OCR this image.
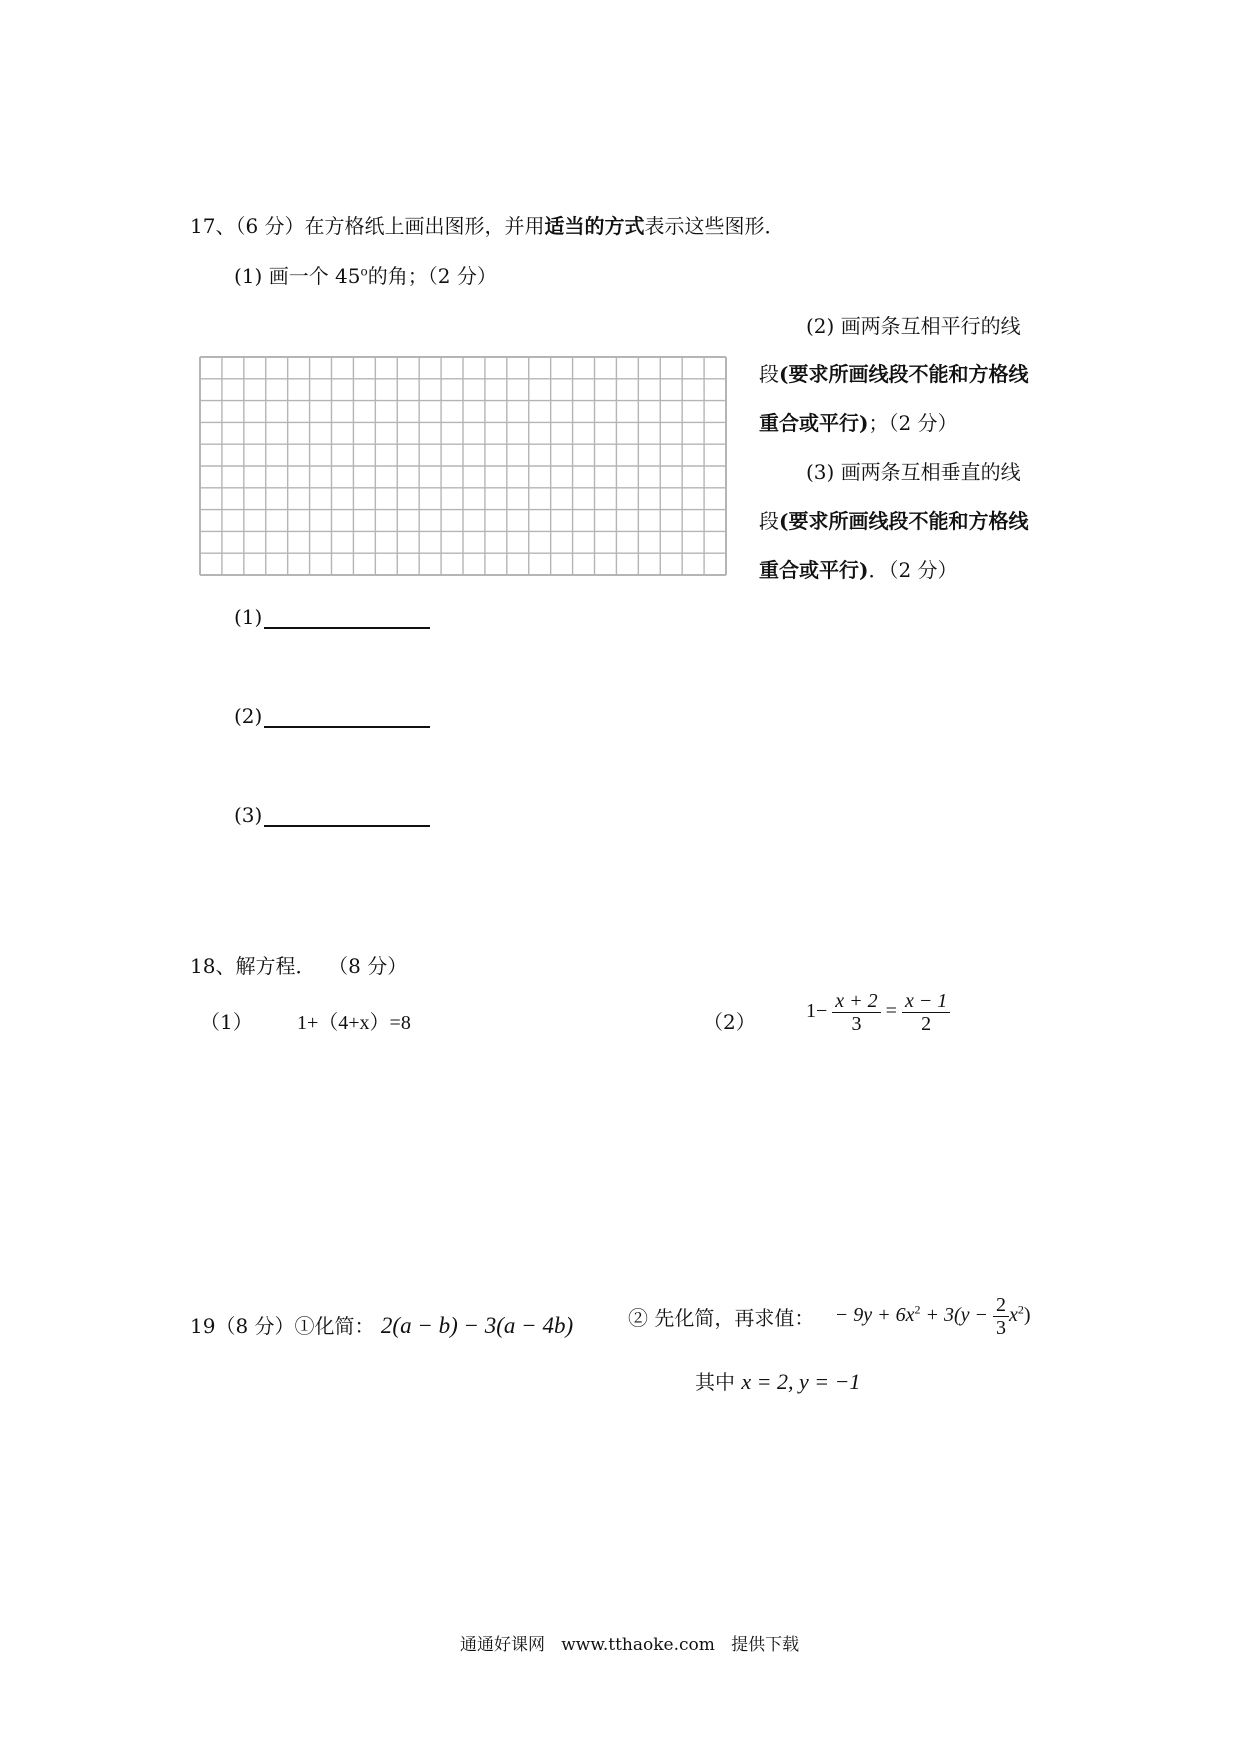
17、（6 分）在方格纸上画出图形，并用适当的方式表示这些图形．
(1) 画一个 45$^o$的角；（2 分）
(2) 画两条互相平行的线
段(要求所画线段不能和方格线
重合或平行)；（2 分）
(3) 画两条互相垂直的线
段(要求所画线段不能和方格线
重合或平行)．（2 分）
(1)
(2)
(3)
18、解方程． （8 分）
（1） 1+（4+x）=8	（2）	$1- \frac{x + 2}{3} = \frac{x - 1}{2}$
19（8 分）①化简： 2(a − b) − 3(a − 4b)	② 先化简，再求值： − $9y + 6x^2 + 3(y - \frac{2}{3} x^2)$
其中 x = 2, y = −1
通通好课网 www.tthaoke.com 提供下载
